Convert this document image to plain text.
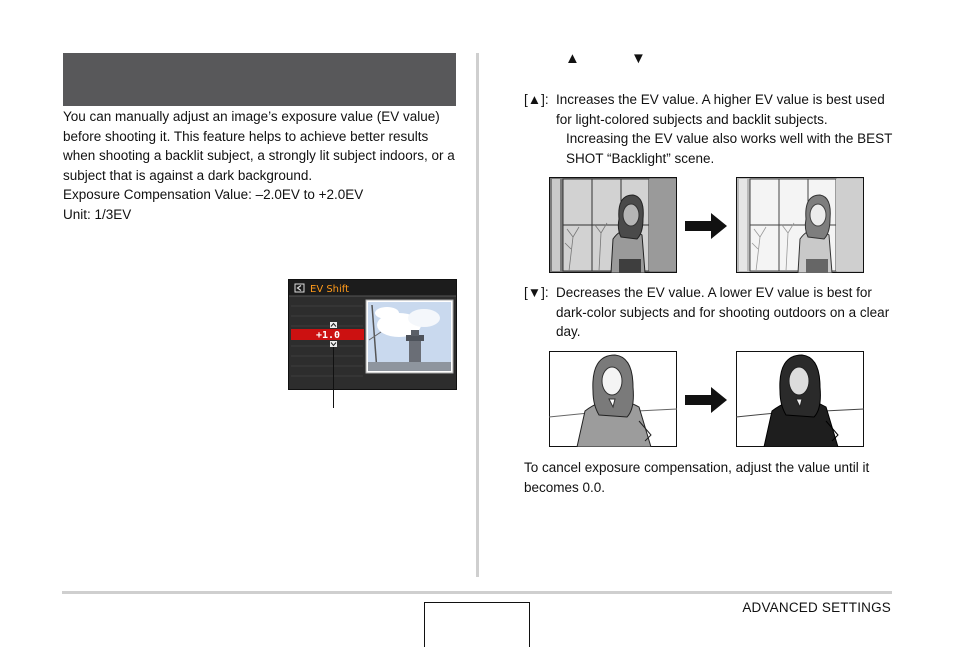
You can manually adjust an image’s exposure value (EV value) before shooting it. This feature helps to achieve better results when shooting a backlit subject, a strongly lit subject indoors, or a subject that is against a dark background.

Exposure Compensation Value: –2.0EV to +2.0EV

Unit: 1/3EV

EV Shift
+1.0
▲	▼
[▲]: Increases the EV value. A higher EV value is best used for light-colored subjects and backlit subjects.
Increasing the EV value also works well with the BEST SHOT “Backlight” scene.
[▼]: Decreases the EV value. A lower EV value is best for dark-color subjects and for shooting outdoors on a clear day.
To cancel exposure compensation, adjust the value until it becomes 0.0.
ADVANCED SETTINGS
